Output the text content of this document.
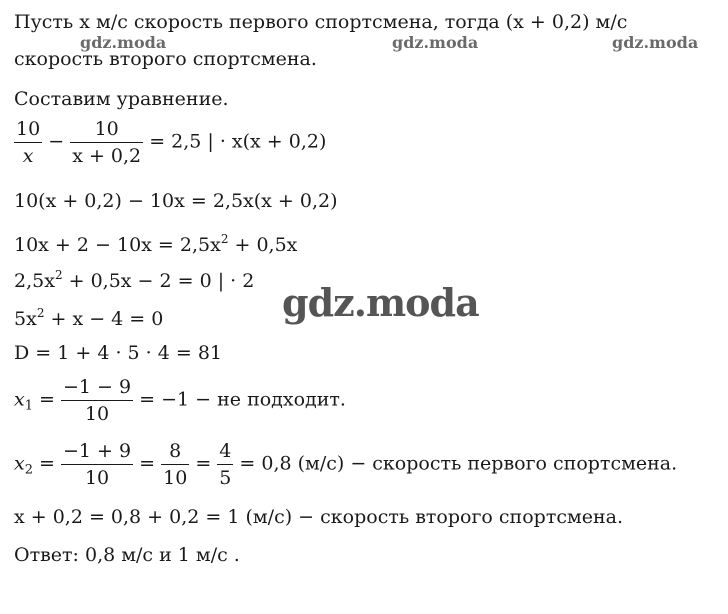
gdz.moda	gdz.moda	gdz.moda
gdz.moda
Пусть x м/с скорость первого спортсмена, тогда (x + 0,2) м/с
скорость второго спортсмена.
Составим уравнение.
$\frac{10}{x} - \frac{10}{x + 0,2} = 2,5$ | · x(x + 0,2)
10(x + 0,2) − 10x = 2,5x(x + 0,2)
$10x + 2 - 10x = 2,5x^2 + 0,5x$
$2,5x^2 + 0,5x - 2 = 0$ | · 2
$5x^2 + x - 4 = 0$
D = 1 + 4 · 5 · 4 = 81
$x_1 = \frac{-1 - 9}{10} = -1$ − не подходит.
$x_2 = \frac{-1 + 9}{10} = \frac{8}{10} = \frac{4}{5} = 0,8$ (м/с) − скорость первого спортсмена.
x + 0,2 = 0,8 + 0,2 = 1 (м/с) − скорость второго спортсмена.
Ответ: 0,8 м/с и 1 м/с .
